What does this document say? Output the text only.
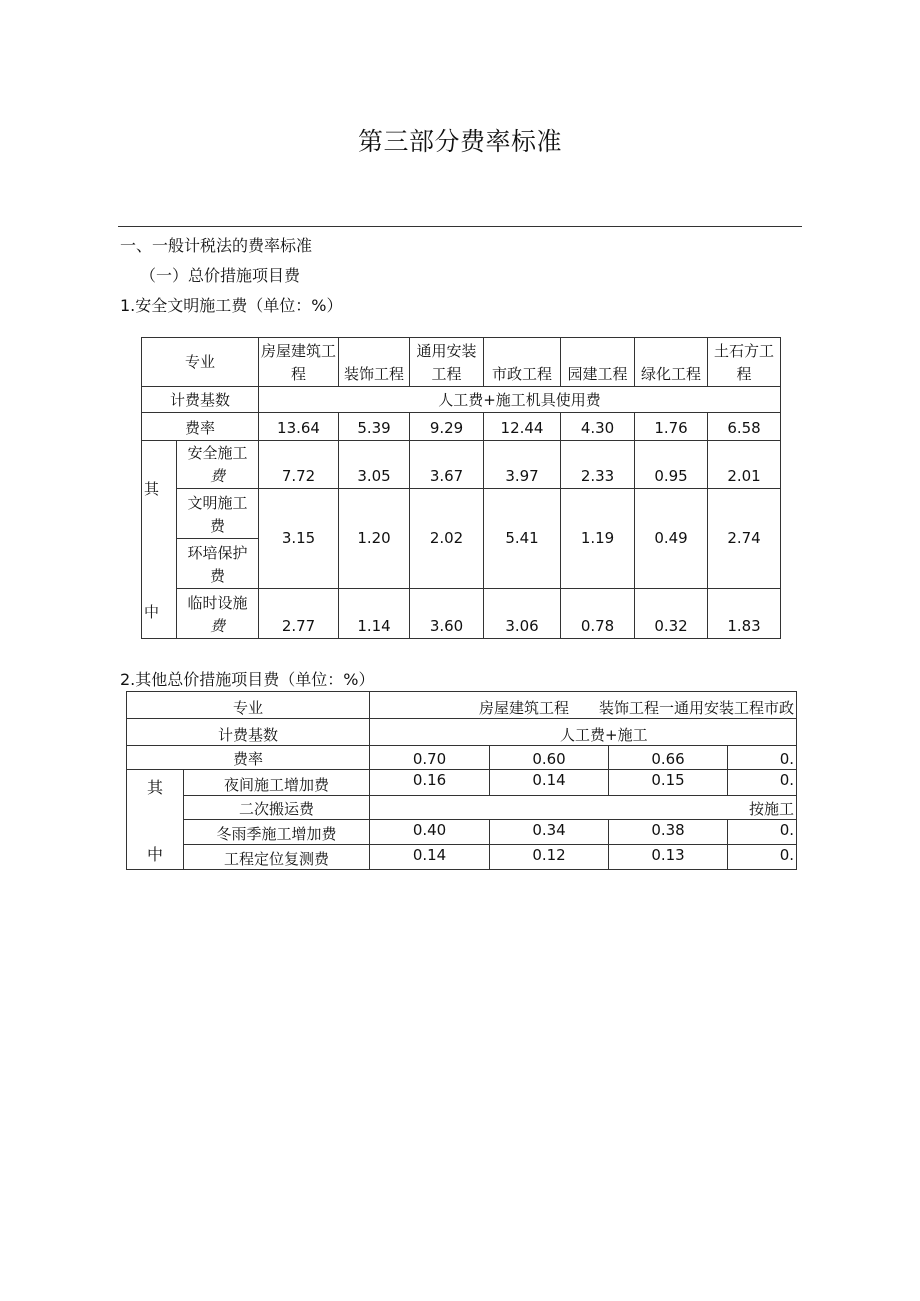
第三部分费率标准
一、一般计税法的费率标准
（一）总价措施项目费
1.安全文明施工费（单位：%）
专业		房屋建筑工程	装饰工程	通用安装工程	市政工程	园建工程	绿化工程	土石方工程
计费基数		人工费+施工机具使用费						
费率		13.64	5.39	9.29	12.44	4.30	1.76	6.58
其	安全施工
费	7.72	3.05	3.67	3.97	2.33	0.95	2.01
	文明施工
费	3.15	1.20	2.02	5.41	1.19	0.49	2.74
中	环培保护
费							
	临时设施
费	2.77	1.14	3.60	3.06	0.78	0.32	1.83
2.其他总价措施项目费（单位：%）
专业		房屋建筑工程　　装饰工程一通用安装工程市政			
计费基数		人工费+施工			
费率		0.70	0.60	0.66	0.
其	夜间施工增加费	0.16	0.14	0.15	0.
	二次搬运费	按施工			
中	冬雨季施工增加费	0.40	0.34	0.38	0.
	工程定位复测费	0.14	0.12	0.13	0.
